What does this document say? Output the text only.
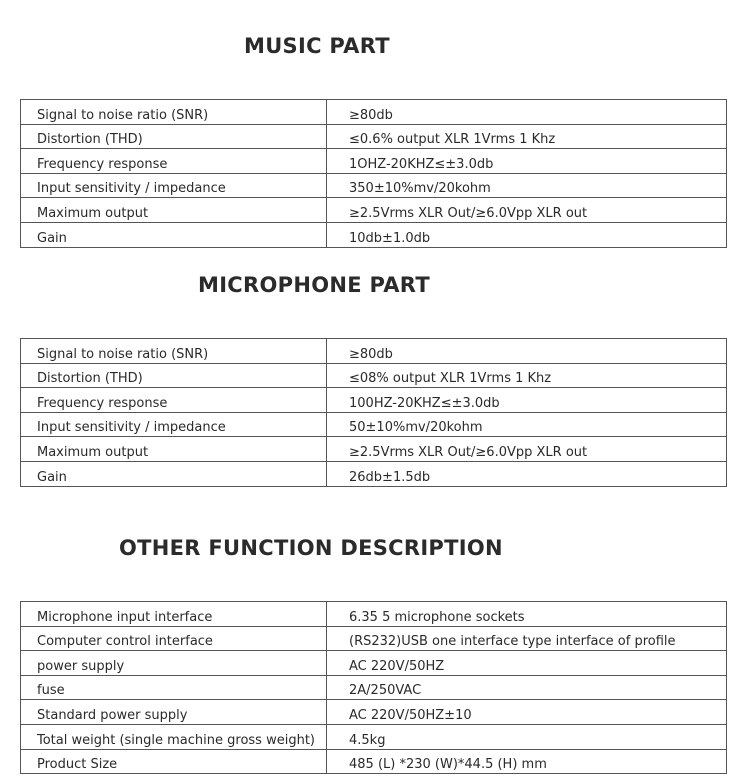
MUSIC PART
Signal to noise ratio (SNR)	≥80db
Distortion (THD)	≤0.6% output XLR 1Vrms 1 Khz
Frequency response	1OHZ-20KHZ≤±3.0db
Input sensitivity / impedance	350±10%mv/20kohm
Maximum output	≥2.5Vrms XLR Out/≥6.0Vpp XLR out
Gain	10db±1.0db
MICROPHONE PART
Signal to noise ratio (SNR)	≥80db
Distortion (THD)	≤08% output XLR 1Vrms 1 Khz
Frequency response	100HZ-20KHZ≤±3.0db
Input sensitivity / impedance	50±10%mv/20kohm
Maximum output	≥2.5Vrms XLR Out/≥6.0Vpp XLR out
Gain	26db±1.5db
OTHER FUNCTION DESCRIPTION
Microphone input interface	6.35 5 microphone sockets
Computer control interface	(RS232)USB one interface type interface of profile
power supply	AC 220V/50HZ
fuse	2A/250VAC
Standard power supply	AC 220V/50HZ±10
Total weight (single machine gross weight)	4.5kg
Product Size	485 (L) *230 (W)*44.5 (H) mm
